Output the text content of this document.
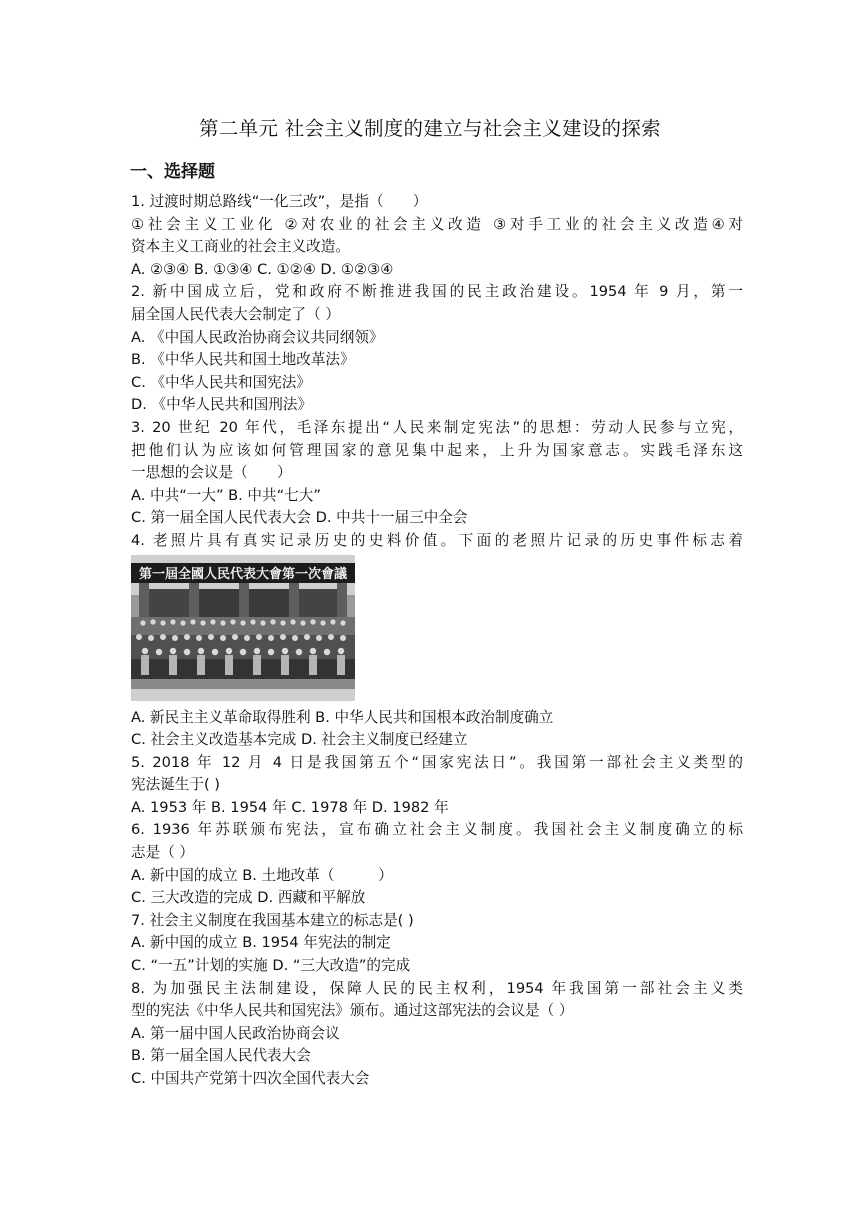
第二单元 社会主义制度的建立与社会主义建设的探索
一、选择题
1. 过渡时期总路线“一化三改”，是指（　　）
①社会主义工业化 ②对农业的社会主义改造 ③对手工业的社会主义改造④对
资本主义工商业的社会主义改造。
A. ②③④ B. ①③④ C. ①②④ D. ①②③④
2. 新中国成立后，党和政府不断推进我国的民主政治建设。1954 年 9 月，第一
届全国人民代表大会制定了（ ）
A. 《中国人民政治协商会议共同纲领》
B. 《中华人民共和国土地改革法》
C. 《中华人民共和国宪法》
D. 《中华人民共和国刑法》
3. 20 世纪 20 年代，毛泽东提出“人民来制定宪法”的思想：劳动人民参与立宪，
把他们认为应该如何管理国家的意见集中起来，上升为国家意志。实践毛泽东这
一思想的会议是（　　）
A. 中共“一大” B. 中共“七大”
C. 第一届全国人民代表大会 D. 中共十一届三中全会
4. 老照片具有真实记录历史的史料价值。下面的老照片记录的历史事件标志着
第一屆全國人民代表大會第一次會議
A. 新民主主义革命取得胜利 B. 中华人民共和国根本政治制度确立
C. 社会主义改造基本完成 D. 社会主义制度已经建立
5. 2018 年 12 月 4 日是我国第五个“国家宪法日”。我国第一部社会主义类型的
宪法诞生于( )
A. 1953 年 B. 1954 年 C. 1978 年 D. 1982 年
6. 1936 年苏联颁布宪法，宣布确立社会主义制度。我国社会主义制度确立的标
志是（ ）
A. 新中国的成立 B. 土地改革（　　　）
C. 三大改造的完成 D. 西藏和平解放
7. 社会主义制度在我国基本建立的标志是( )
A. 新中国的成立 B. 1954 年宪法的制定
C. “一五”计划的实施 D. “三大改造”的完成
8. 为加强民主法制建设，保障人民的民主权利，1954 年我国第一部社会主义类
型的宪法《中华人民共和国宪法》颁布。通过这部宪法的会议是（ ）
A. 第一届中国人民政治协商会议
B. 第一届全国人民代表大会
C. 中国共产党第十四次全国代表大会
